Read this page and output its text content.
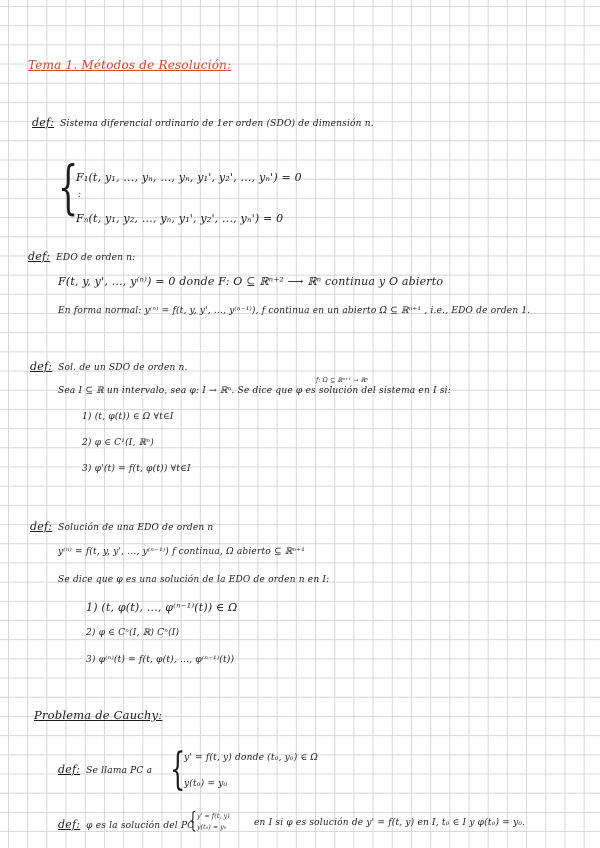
Tema 1. Métodos de Resolución:
def: Sistema diferencial ordinario de 1er orden (SDO) de dimensión n.
{
F₁(t, y₁, ..., yₙ, ..., yₙ, y₁', y₂', ..., yₙ') = 0
:
Fₙ(t, y₁, y₂, ..., yₙ, y₁', y₂', ..., yₙ') = 0
def: EDO de orden n:
F(t, y, y', ..., y⁽ⁿ⁾) = 0 donde F: O ⊆ ℝⁿ⁺² ⟶ ℝⁿ continua y O abierto
En forma normal: y⁽ⁿ⁾ = f(t, y, y', ..., y⁽ⁿ⁻¹⁾), f continua en un abierto Ω ⊆ ℝⁿ⁺¹ , i.e., EDO de orden 1.
def: Sol. de un SDO de orden n.
f: Ω ⊆ ℝⁿ⁺¹ → ℝⁿ
Sea I ⊆ ℝ un intervalo, sea φ: I → ℝⁿ. Se dice que φ es solución del sistema en I si:
1) (t, φ(t)) ∈ Ω ∀t∈I
2) φ ∈ C¹(I, ℝⁿ)
3) φ'(t) = f(t, φ(t)) ∀t∈I
def: Solución de una EDO de orden n
y⁽ⁿ⁾ = f(t, y, y', ..., y⁽ⁿ⁻¹⁾) f continua, Ω abierto ⊆ ℝⁿ⁺¹
Se dice que φ es una solución de la EDO de orden n en I:
1) (t, φ(t), ..., φ⁽ⁿ⁻¹⁾(t)) ∈ Ω
2) φ ∈ Cⁿ(I, ℝ) Cⁿ(I)
3) φ⁽ⁿ⁾(t) = f(t, φ(t), ..., φ⁽ⁿ⁻¹⁾(t))
Problema de Cauchy:
def: Se llama PC a {
y' = f(t, y) donde (t₀, y₀) ∈ Ω
y(t₀) = y₀
def: φ es la solución del PC
{ y' = f(t, y)
y(t₀) = y₀	en I si φ es solución de y' = f(t, y) en I, t₀ ∈ I y φ(t₀) = y₀.
